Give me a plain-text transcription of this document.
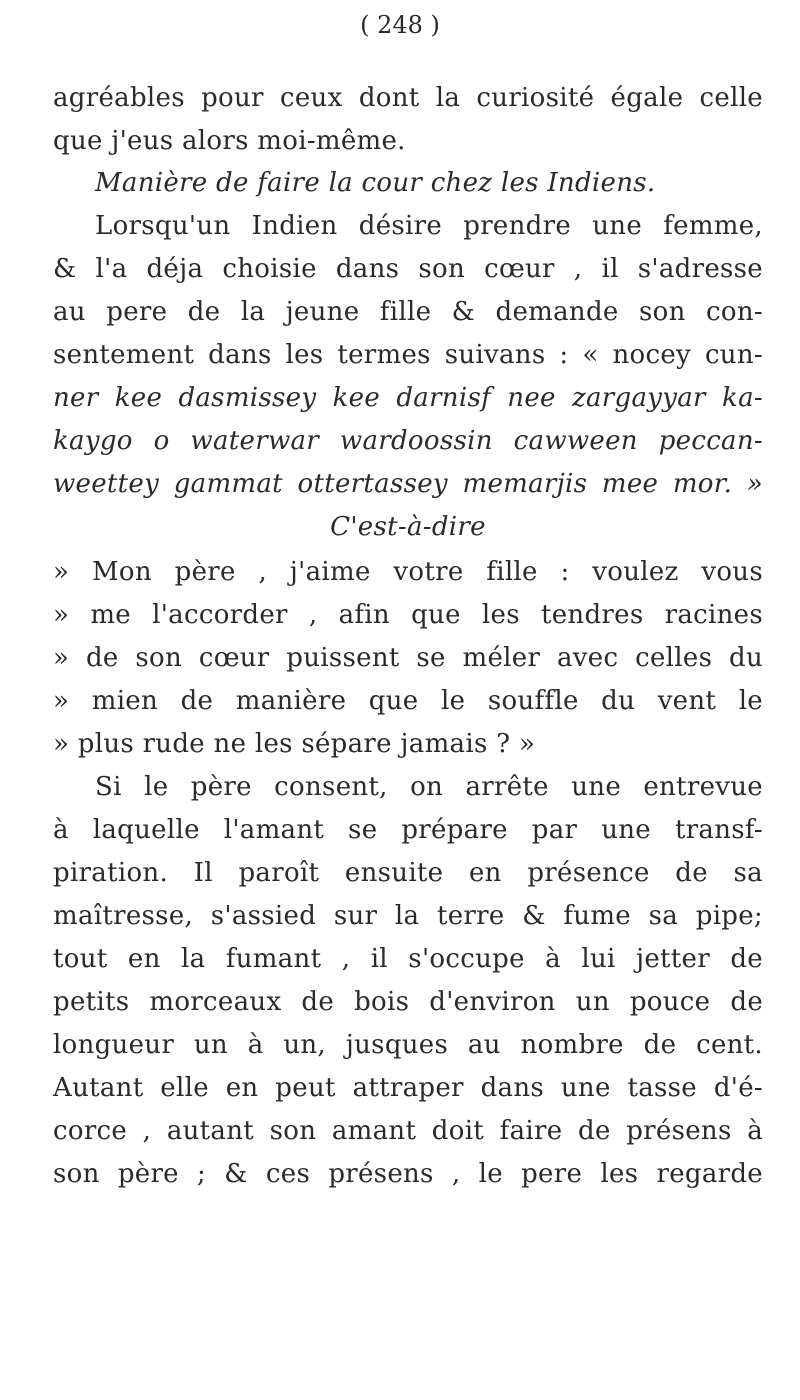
( 248 )
agréables pour ceux dont la curiosité égale celle
que j'eus alors moi-même.
Manière de faire la cour chez les Indiens.
Lorsqu'un Indien désire prendre une femme,
& l'a déja choisie dans son cœur , il s'adresse
au pere de la jeune fille & demande son con-
sentement dans les termes suivans : « nocey cun-
ner kee dasmissey kee darnisf nee zargayyar ka-
kaygo o waterwar wardoossin cawween peccan-
weettey gammat ottertassey memarjis mee mor. »
C'est-à-dire
» Mon père , j'aime votre fille : voulez vous
» me l'accorder , afin que les tendres racines
» de son cœur puissent se méler avec celles du
» mien de manière que le souffle du vent le
» plus rude ne les sépare jamais ? »
Si le père consent, on arrête une entrevue
à laquelle l'amant se prépare par une transf-
piration. Il paroît ensuite en présence de sa
maîtresse, s'assied sur la terre & fume sa pipe;
tout en la fumant , il s'occupe à lui jetter de
petits morceaux de bois d'environ un pouce de
longueur un à un, jusques au nombre de cent.
Autant elle en peut attraper dans une tasse d'é-
corce , autant son amant doit faire de présens à
son père ; & ces présens , le pere les regarde
